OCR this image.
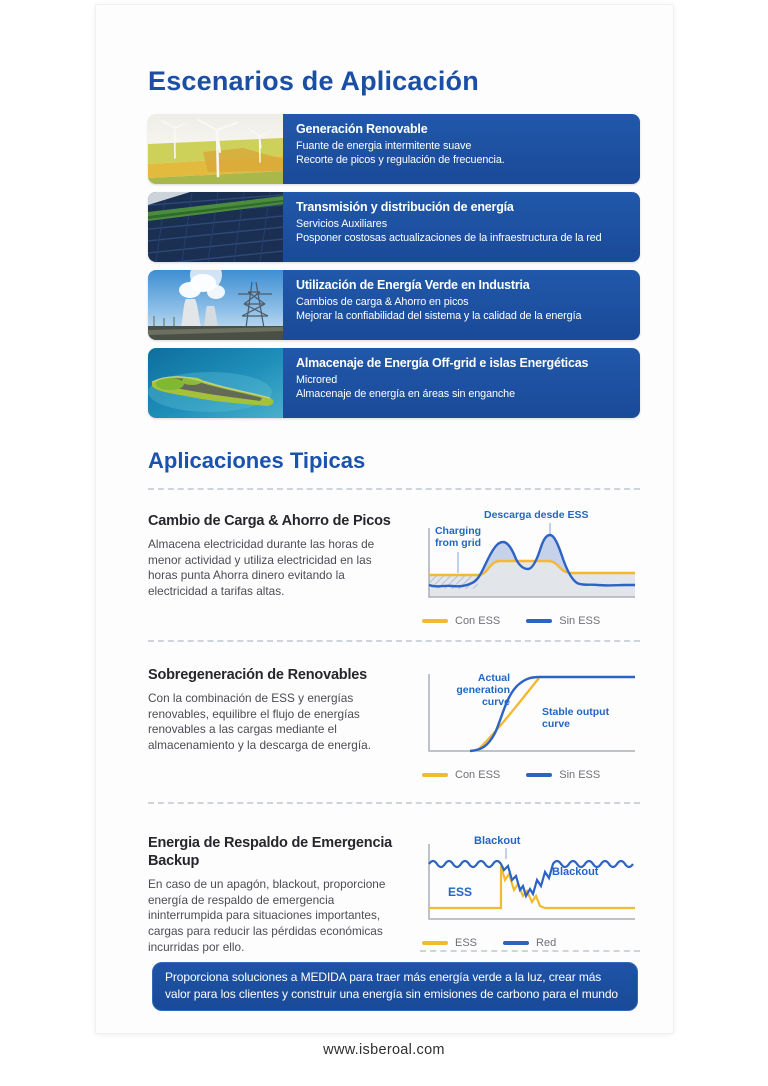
Escenarios de Aplicación
Generación Renovable
Fuante de energia intermitente suave
Recorte de picos y regulación de frecuencia.
Transmisión y distribución de energía
Servicios Auxiliares
Posponer costosas actualizaciones de la infraestructura de la red
Utilización de Energía Verde en Industria
Cambios de carga & Ahorro en picos
Mejorar la confiabilidad del sistema y la calidad de la energía
Almacenaje de Energía Off-grid e islas Energéticas
Microred
Almacenaje de energía en áreas sin enganche
Aplicaciones Tipicas
Cambio de Carga & Ahorro de Picos

Almacena electricidad durante las horas de menor actividad y utiliza electricidad en las horas punta Ahorra dinero evitando la electricidad a tarifas altas.

Descarga desde ESS
Charging from grid
Con ESS	Sin ESS
Sobregeneración de Renovables

Con la combinación de ESS y energías renovables, equilibre el flujo de energías renovables a las cargas mediante el almacenamiento y la descarga de energía.

Actual generation curve
Stable output curve
Con ESS	Sin ESS
Energia de Respaldo de Emergencia Backup

En caso de un apagón, blackout, proporcione energía de respaldo de emergencia ininterrumpida para situaciones importantes, cargas para reducir las pérdidas económicas incurridas por ello.

Blackout
Blackout
ESS
ESS	Red
Proporciona soluciones a MEDIDA para traer más energía verde a la luz, crear más valor para los clientes y construir una energía sin emisiones de carbono para el mundo
www.isberoal.com
